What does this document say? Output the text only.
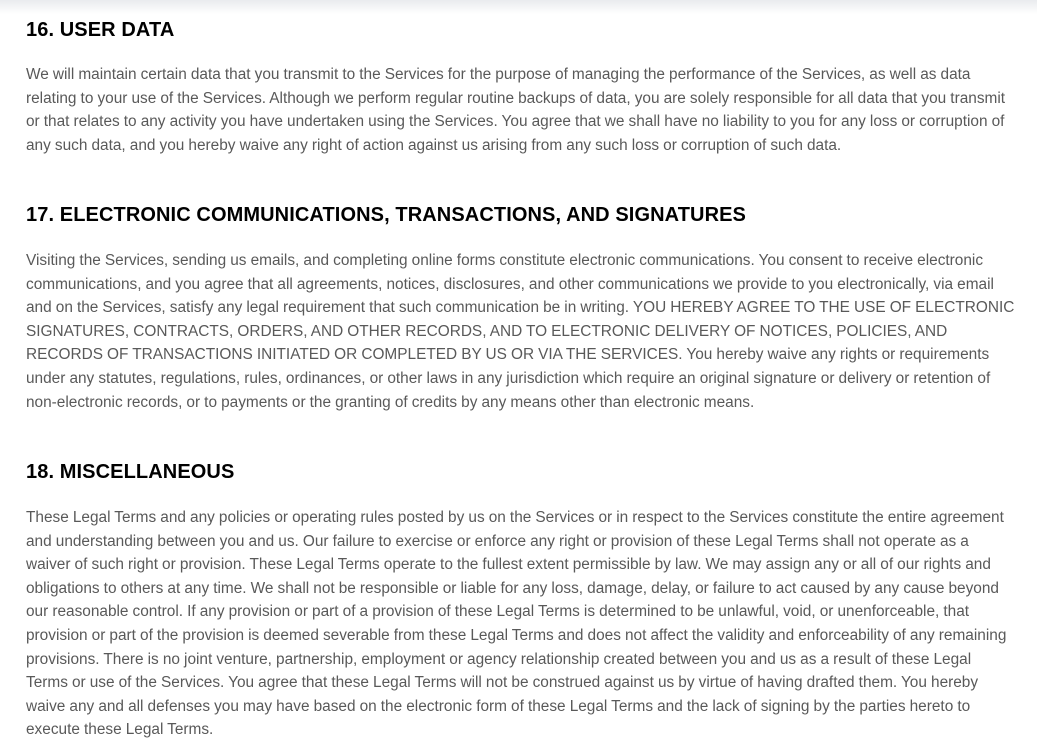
16. USER DATA

We will maintain certain data that you transmit to the Services for the purpose of managing the performance of the Services, as well as data relating to your use of the Services. Although we perform regular routine backups of data, you are solely responsible for all data that you transmit or that relates to any activity you have undertaken using the Services. You agree that we shall have no liability to you for any loss or corruption of any such data, and you hereby waive any right of action against us arising from any such loss or corruption of such data.

17. ELECTRONIC COMMUNICATIONS, TRANSACTIONS, AND SIGNATURES

Visiting the Services, sending us emails, and completing online forms constitute electronic communications. You consent to receive electronic communications, and you agree that all agreements, notices, disclosures, and other communications we provide to you electronically, via email and on the Services, satisfy any legal requirement that such communication be in writing. YOU HEREBY AGREE TO THE USE OF ELECTRONIC SIGNATURES, CONTRACTS, ORDERS, AND OTHER RECORDS, AND TO ELECTRONIC DELIVERY OF NOTICES, POLICIES, AND RECORDS OF TRANSACTIONS INITIATED OR COMPLETED BY US OR VIA THE SERVICES. You hereby waive any rights or requirements under any statutes, regulations, rules, ordinances, or other laws in any jurisdiction which require an original signature or delivery or retention of non-electronic records, or to payments or the granting of credits by any means other than electronic means.

18. MISCELLANEOUS

These Legal Terms and any policies or operating rules posted by us on the Services or in respect to the Services constitute the entire agreement and understanding between you and us. Our failure to exercise or enforce any right or provision of these Legal Terms shall not operate as a waiver of such right or provision. These Legal Terms operate to the fullest extent permissible by law. We may assign any or all of our rights and obligations to others at any time. We shall not be responsible or liable for any loss, damage, delay, or failure to act caused by any cause beyond our reasonable control. If any provision or part of a provision of these Legal Terms is determined to be unlawful, void, or unenforceable, that provision or part of the provision is deemed severable from these Legal Terms and does not affect the validity and enforceability of any remaining provisions. There is no joint venture, partnership, employment or agency relationship created between you and us as a result of these Legal Terms or use of the Services. You agree that these Legal Terms will not be construed against us by virtue of having drafted them. You hereby waive any and all defenses you may have based on the electronic form of these Legal Terms and the lack of signing by the parties hereto to execute these Legal Terms.
